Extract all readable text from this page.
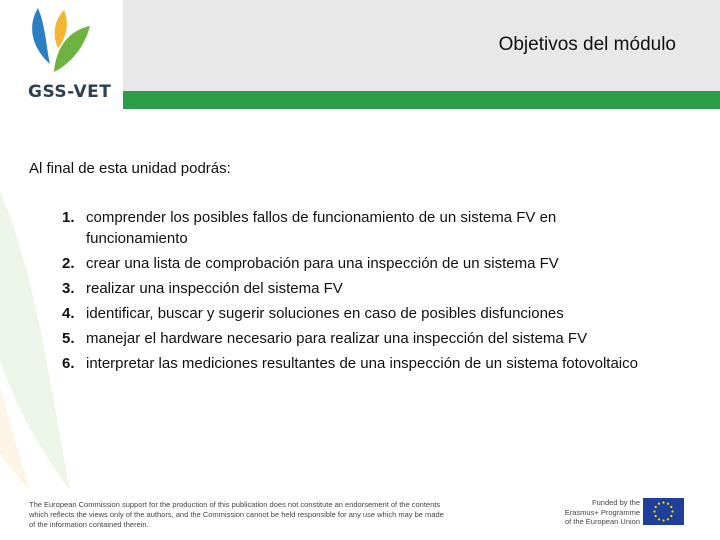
GSS-VET
Objetivos del módulo
Al final de esta unidad podrás:
1. comprender los posibles fallos de funcionamiento de un sistema FV en funcionamiento
2. crear una lista de comprobación para una inspección de un sistema FV
3. realizar una inspección del sistema FV
4. identificar, buscar y sugerir soluciones en caso de posibles disfunciones
5. manejar el hardware necesario para realizar una inspección del sistema FV
6. interpretar las mediciones resultantes de una inspección de un sistema fotovoltaico
The European Commission support for the production of this publication does not constitute an endorsement of the contents which reflects the views only of the authors, and the Commission cannot be held responsible for any use which may be made of the information contained therein.
Funded by the Erasmus+ Programme of the European Union
